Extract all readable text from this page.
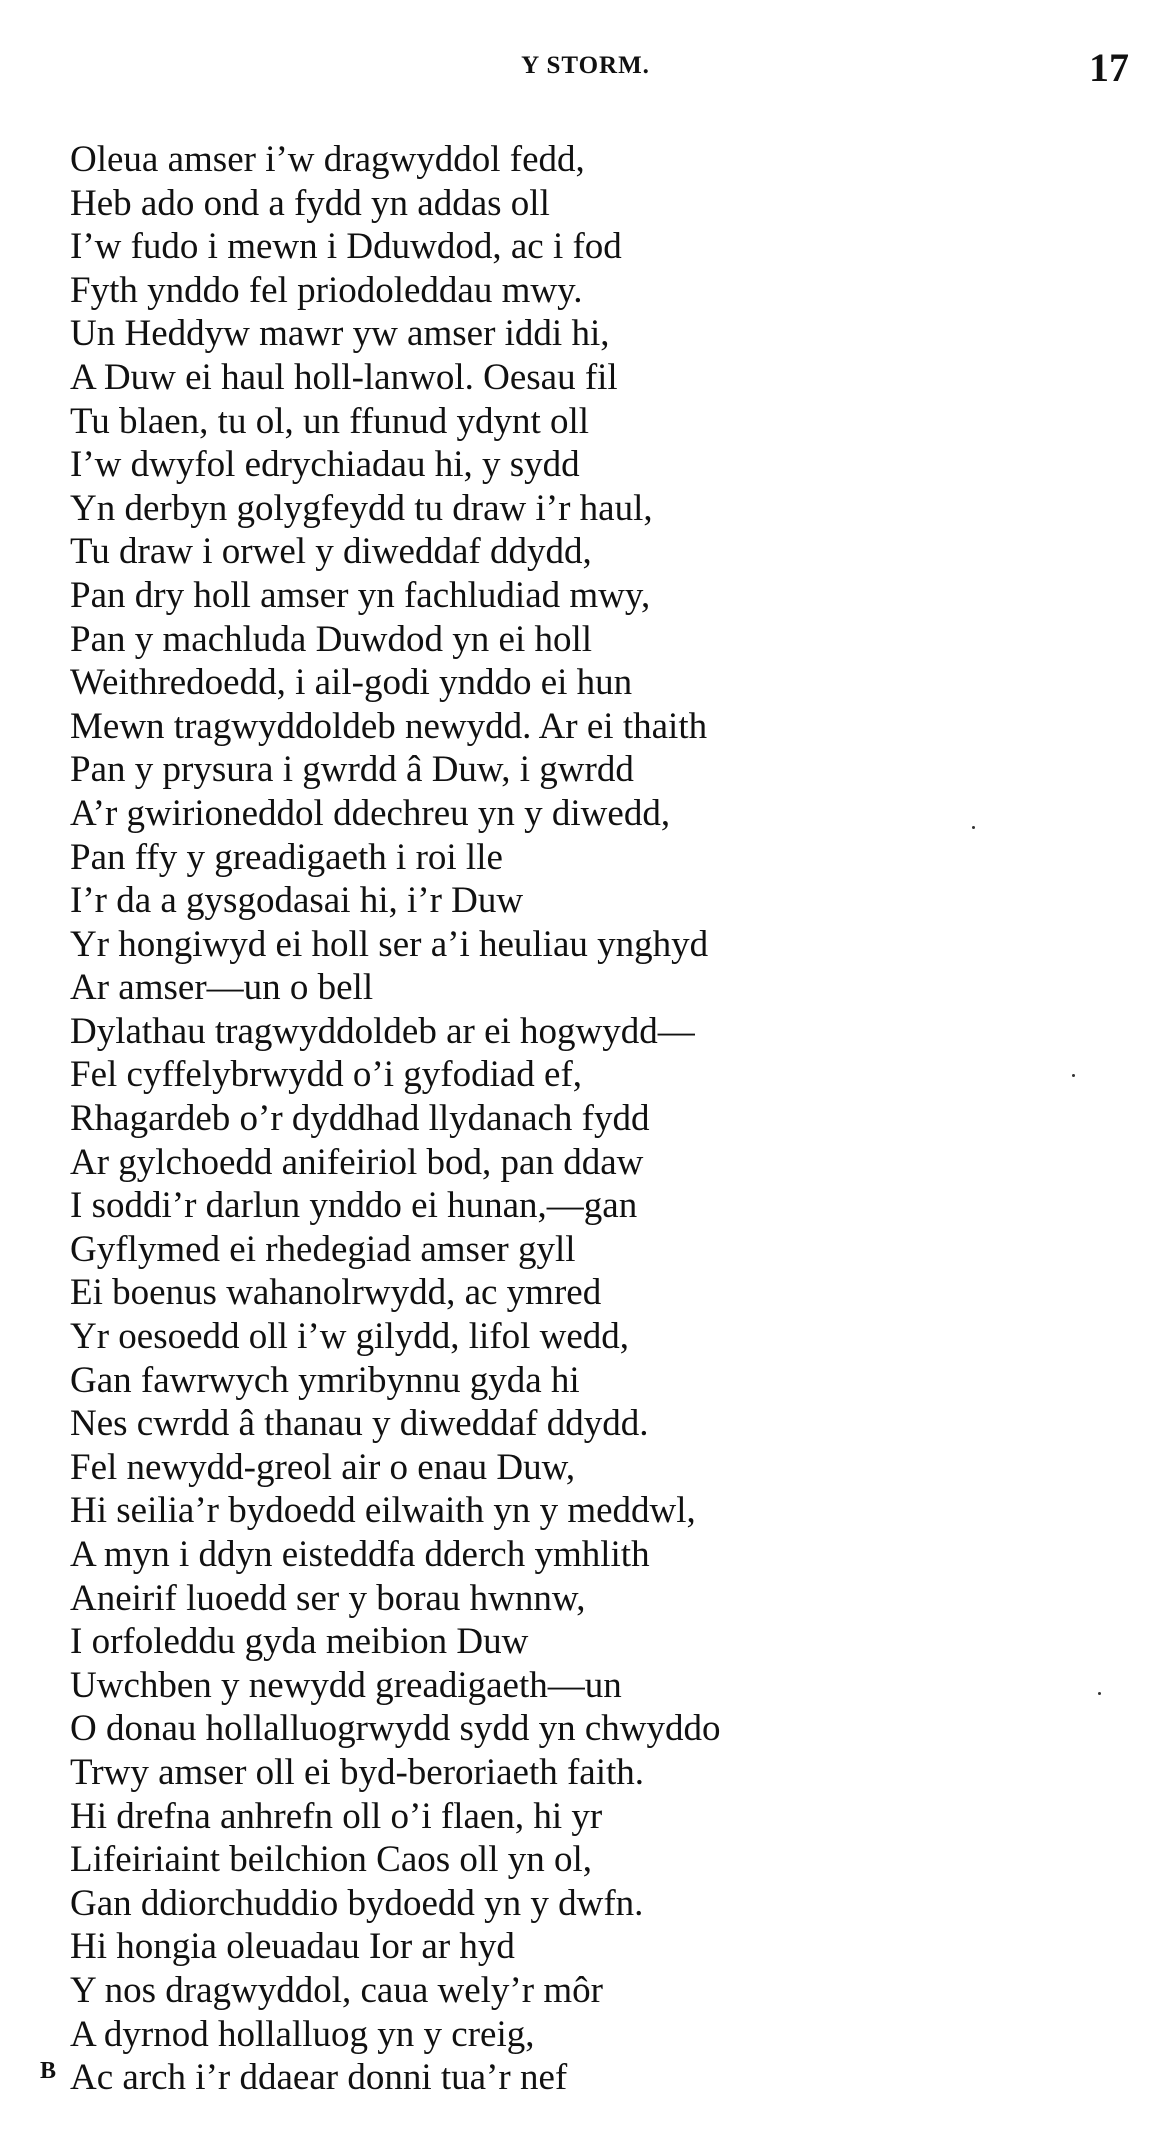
Y STORM.	17
Oleua amser i’w dragwyddol fedd,
Heb ado ond a fydd yn addas oll
I’w fudo i mewn i Dduwdod, ac i fod
Fyth ynddo fel priodoleddau mwy.
Un Heddyw mawr yw amser iddi hi,
A Duw ei haul holl-lanwol. Oesau fil
Tu blaen, tu ol, un ffunud ydynt oll
I’w dwyfol edrychiadau hi, y sydd
Yn derbyn golygfeydd tu draw i’r haul,
Tu draw i orwel y diweddaf ddydd,
Pan dry holl amser yn fachludiad mwy,
Pan y machluda Duwdod yn ei holl
Weithredoedd, i ail-godi ynddo ei hun
Mewn tragwyddoldeb newydd. Ar ei thaith
Pan y prysura i gwrdd â Duw, i gwrdd
A’r gwirioneddol ddechreu yn y diwedd,
Pan ffy y greadigaeth i roi lle
I’r da a gysgodasai hi, i’r Duw
Yr hongiwyd ei holl ser a’i heuliau ynghyd
Ar amser—un o bell
Dylathau tragwyddoldeb ar ei hogwydd—
Fel cyffelybrwydd o’i gyfodiad ef,
Rhagardeb o’r dyddhad llydanach fydd
Ar gylchoedd anifeiriol bod, pan ddaw
I soddi’r darlun ynddo ei hunan,—gan
Gyflymed ei rhedegiad amser gyll
Ei boenus wahanolrwydd, ac ymred
Yr oesoedd oll i’w gilydd, lifol wedd,
Gan fawrwych ymribynnu gyda hi
Nes cwrdd â thanau y diweddaf ddydd.
Fel newydd-greol air o enau Duw,
Hi seilia’r bydoedd eilwaith yn y meddwl,
A myn i ddyn eisteddfa dderch ymhlith
Aneirif luoedd ser y borau hwnnw,
I orfoleddu gyda meibion Duw
Uwchben y newydd greadigaeth—un
O donau hollalluogrwydd sydd yn chwyddo
Trwy amser oll ei byd-beroriaeth faith.
Hi drefna anhrefn oll o’i flaen, hi yr
Lifeiriaint beilchion Caos oll yn ol,
Gan ddiorchuddio bydoedd yn y dwfn.
Hi hongia oleuadau Ior ar hyd
Y nos dragwyddol, caua wely’r môr
A dyrnod hollalluog yn y creig,
Ac arch i’r ddaear donni tua’r nef
B
